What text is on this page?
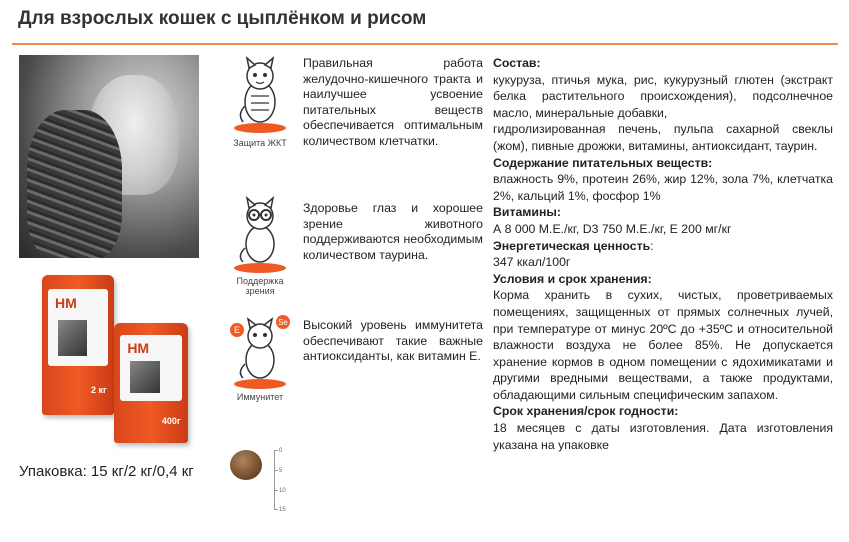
Для взрослых кошек с цыплёнком и рисом
НМ
2 кг
НМ
400г

Упаковка: 15 кг/2 кг/0,4 кг

Защита ЖКТ

Правильная работа желудочно-кишечного тракта и наилучшее усвоение питательных веществ обеспечивается оптимальным количеством клетчатки.

Поддержка зрения

Здоровье глаз и хорошее зрение животного поддерживаются необходимым количеством таурина.

Е
Se
Иммунитет

Высокий уровень иммунитета обеспечивают такие важные антиоксиданты, как витамин Е.

0
5
10
15

Состав:

кукуруза, птичья мука, рис, кукурузный глютен (экстракт белка растительного происхождения), подсолнечное масло, минеральные добавки,

гидролизированная печень, пульпа сахарной свеклы (жом), пивные дрожжи, витамины, антиоксидант, таурин.

Содержание питательных веществ:

влажность 9%, протеин 26%, жир 12%, зола 7%, клетчатка 2%, кальций 1%, фосфор 1%

Витамины:

А 8 000 М.Е./кг, D3 750 М.Е./кг, Е 200 мг/кг

Энергетическая ценность:

347 ккал/100г

Условия и срок хранения:

Корма хранить в сухих, чистых, проветриваемых помещениях, защищенных от прямых солнечных лучей, при температуре от минус 20ºС до +35ºС и относительной влажности воздуха не более 85%. Не допускается хранение кормов в одном помещении с ядохимикатами и другими вредными веществами, а также продуктами, обладающими сильным специфическим запахом.

Срок хранения/срок годности:

18 месяцев с даты изготовления. Дата изготовления указана на упаковке
